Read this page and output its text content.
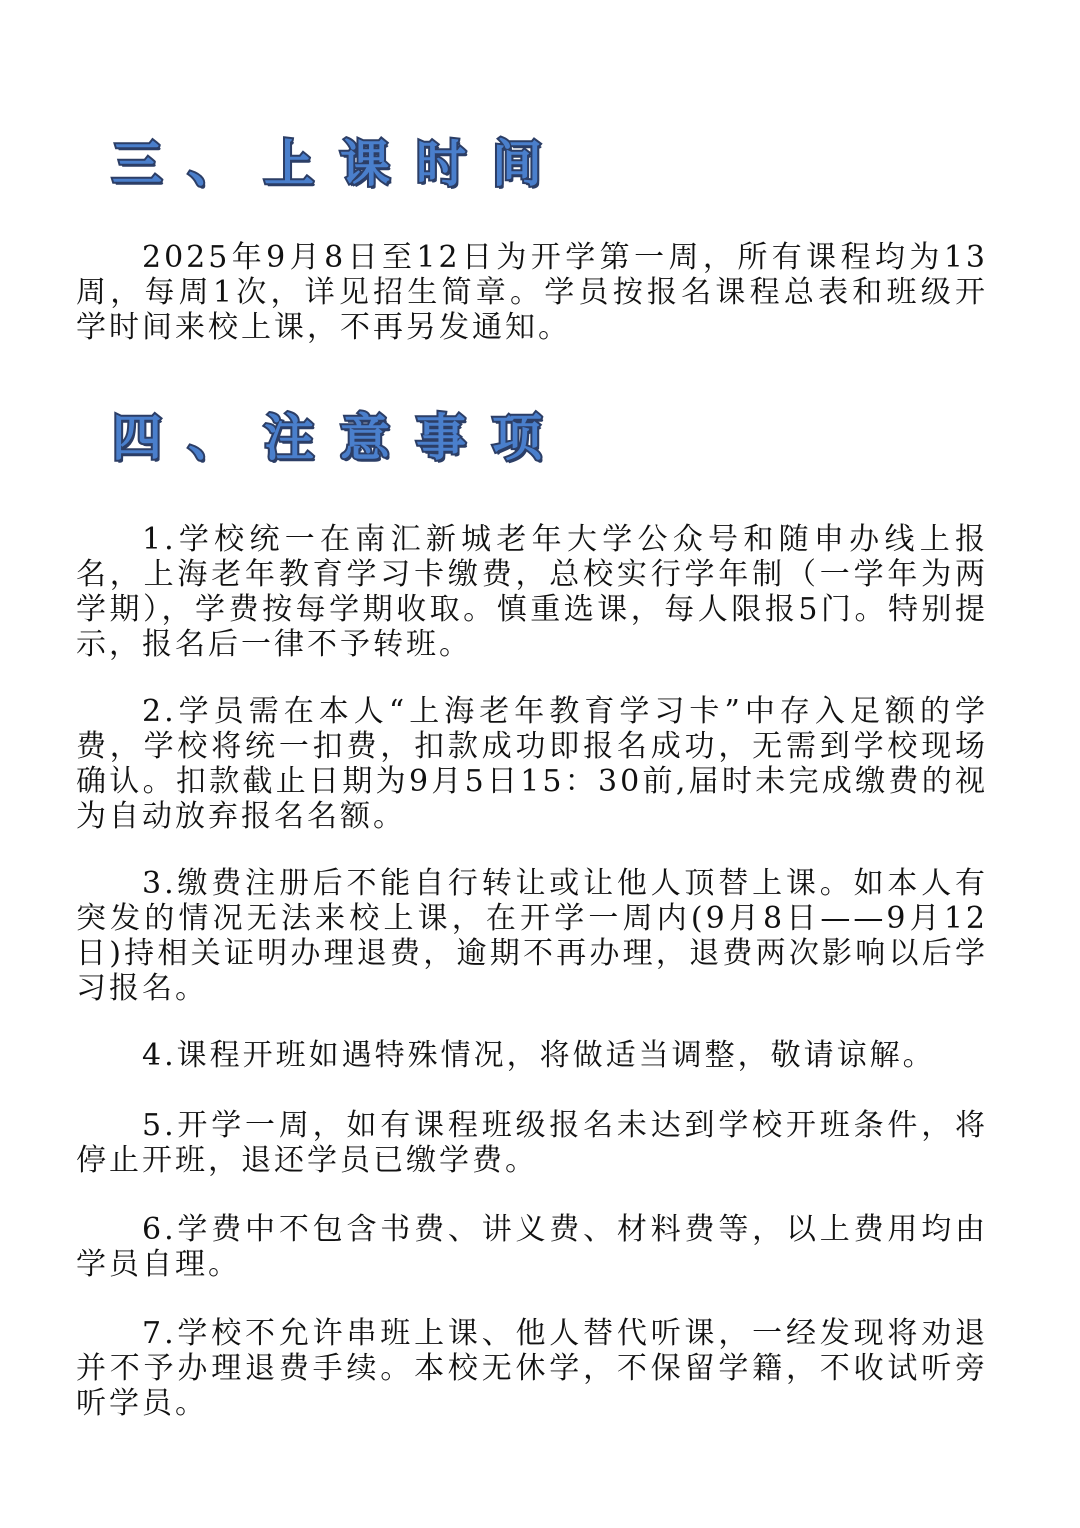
三、上课时间

2025年9月8日至12日为开学第一周，所有课程均为13周，每周1次，详见招生简章。学员按报名课程总表和班级开学时间来校上课，不再另发通知。

四、注意事项

1.学校统一在南汇新城老年大学公众号和随申办线上报名，上海老年教育学习卡缴费，总校实行学年制（一学年为两学期），学费按每学期收取。慎重选课，每人限报5门。特别提示，报名后一律不予转班。

2.学员需在本人“上海老年教育学习卡”中存入足额的学费，学校将统一扣费，扣款成功即报名成功，无需到学校现场确认。扣款截止日期为9月5日15：30前,届时未完成缴费的视为自动放弃报名名额。

3.缴费注册后不能自行转让或让他人顶替上课。如本人有突发的情况无法来校上课，在开学一周内(9月8日——9月12日)持相关证明办理退费，逾期不再办理，退费两次影响以后学习报名。

4.课程开班如遇特殊情况，将做适当调整，敬请谅解。

5.开学一周，如有课程班级报名未达到学校开班条件，将停止开班，退还学员已缴学费。

6.学费中不包含书费、讲义费、材料费等，以上费用均由学员自理。

7.学校不允许串班上课、他人替代听课，一经发现将劝退并不予办理退费手续。本校无休学，不保留学籍，不收试听旁听学员。
